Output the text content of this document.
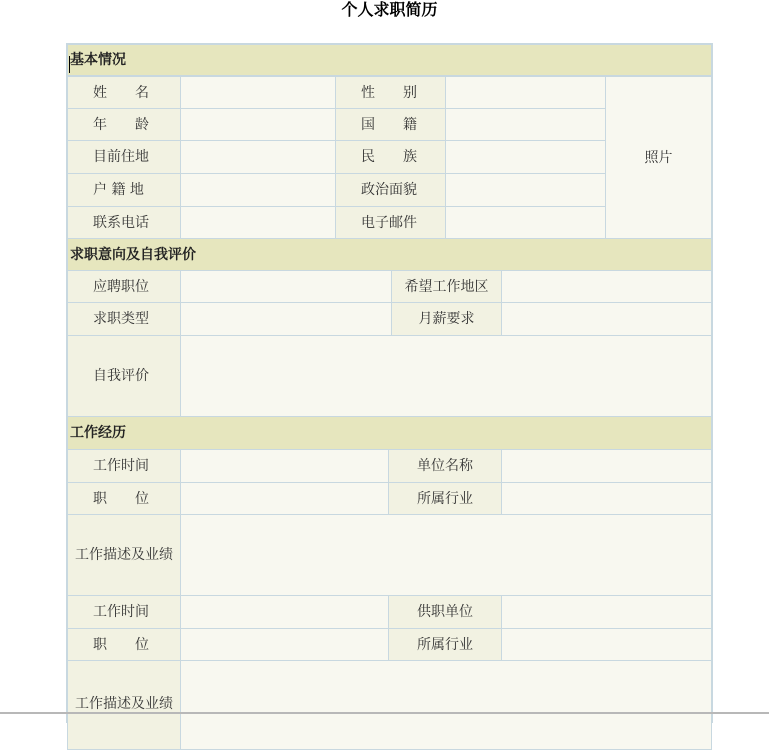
个人求职简历
基本情况
姓　　名	性　　别
年　　龄	国　　籍
目前住地	民　　族
户 籍 地	政治面貌
联系电话	电子邮件
照片
求职意向及自我评价
应聘职位	希望工作地区
求职类型	月薪要求
自我评价
工作经历
工作时间	单位名称
职　　位	所属行业
工作描述及业绩
工作时间	供职单位
职　　位	所属行业
工作描述及业绩
